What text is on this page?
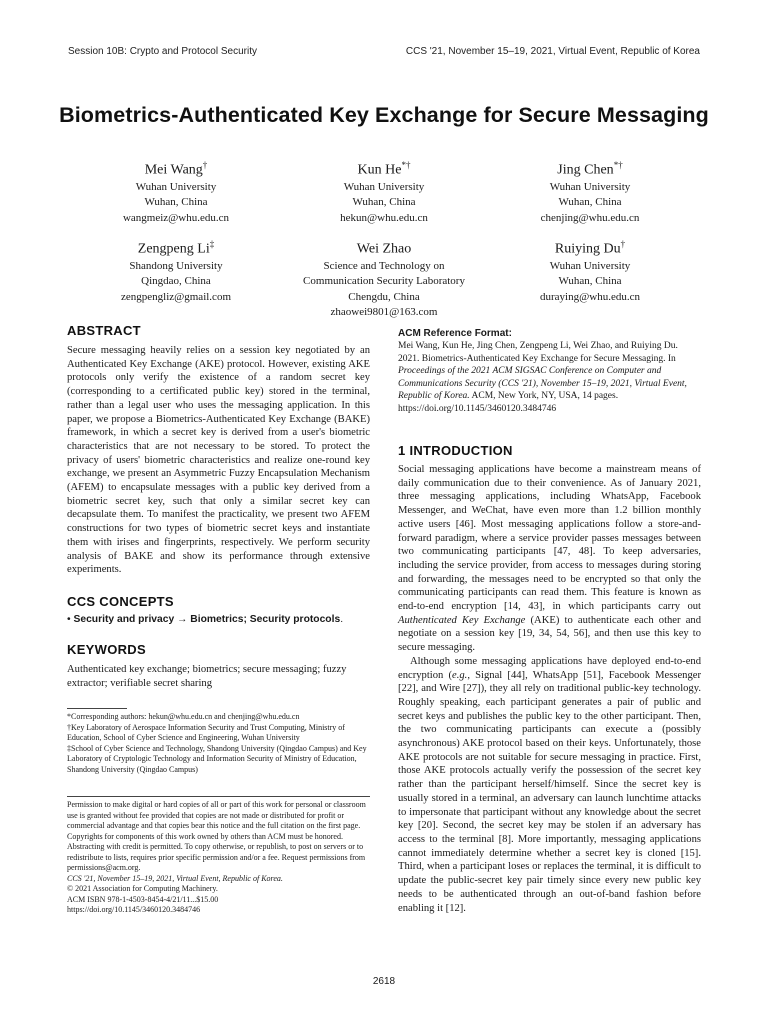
Session 10B: Crypto and Protocol Security	CCS '21, November 15–19, 2021, Virtual Event, Republic of Korea
Biometrics-Authenticated Key Exchange for Secure Messaging
Mei Wang†
Wuhan University
Wuhan, China
wangmeiz@whu.edu.cn
Kun He*†
Wuhan University
Wuhan, China
hekun@whu.edu.cn
Jing Chen*†
Wuhan University
Wuhan, China
chenjing@whu.edu.cn
Zengpeng Li‡
Shandong University
Qingdao, China
zengpengliz@gmail.com
Wei Zhao
Science and Technology on
Communication Security Laboratory
Chengdu, China
zhaowei9801@163.com
Ruiying Du†
Wuhan University
Wuhan, China
duraying@whu.edu.cn
ABSTRACT

Secure messaging heavily relies on a session key negotiated by an Authenticated Key Exchange (AKE) protocol. However, existing AKE protocols only verify the existence of a random secret key (corresponding to a certificated public key) stored in the terminal, rather than a legal user who uses the messaging application. In this paper, we propose a Biometrics-Authenticated Key Exchange (BAKE) framework, in which a secret key is derived from a user's biometric characteristics that are not necessary to be stored. To protect the privacy of users' biometric characteristics and realize one-round key exchange, we present an Asymmetric Fuzzy Encapsulation Mechanism (AFEM) to encapsulate messages with a public key derived from a biometric secret key, such that only a similar secret key can decapsulate them. To manifest the practicality, we present two AFEM constructions for two types of biometric secret keys and instantiate them with irises and fingerprints, respectively. We perform security analysis of BAKE and show its performance through extensive experiments.

CCS CONCEPTS

• Security and privacy → Biometrics; Security protocols.

KEYWORDS

Authenticated key exchange; biometrics; secure messaging; fuzzy extractor; verifiable secret sharing

*Corresponding authors: hekun@whu.edu.cn and chenjing@whu.edu.cn

†Key Laboratory of Aerospace Information Security and Trust Computing, Ministry of Education, School of Cyber Science and Engineering, Wuhan University

‡School of Cyber Science and Technology, Shandong University (Qingdao Campus) and Key Laboratory of Cryptologic Technology and Information Security of Ministry of Education, Shandong University (Qingdao Campus)

Permission to make digital or hard copies of all or part of this work for personal or classroom use is granted without fee provided that copies are not made or distributed for profit or commercial advantage and that copies bear this notice and the full citation on the first page. Copyrights for components of this work owned by others than ACM must be honored. Abstracting with credit is permitted. To copy otherwise, or republish, to post on servers or to redistribute to lists, requires prior specific permission and/or a fee. Request permissions from permissions@acm.org.

CCS '21, November 15–19, 2021, Virtual Event, Republic of Korea.

© 2021 Association for Computing Machinery.

ACM ISBN 978-1-4503-8454-4/21/11...$15.00

https://doi.org/10.1145/3460120.3484746

ACM Reference Format:

Mei Wang, Kun He, Jing Chen, Zengpeng Li, Wei Zhao, and Ruiying Du. 2021. Biometrics-Authenticated Key Exchange for Secure Messaging. In Proceedings of the 2021 ACM SIGSAC Conference on Computer and Communications Security (CCS '21), November 15–19, 2021, Virtual Event, Republic of Korea. ACM, New York, NY, USA, 14 pages. https://doi.org/10.1145/3460120.3484746

1 INTRODUCTION

Social messaging applications have become a mainstream means of daily communication due to their convenience. As of January 2021, three messaging applications, including WhatsApp, Facebook Messenger, and WeChat, have even more than 1.2 billion monthly active users [46]. Most messaging applications follow a store-and-forward paradigm, where a service provider passes messages between two communicating participants [47, 48]. To keep adversaries, including the service provider, from access to messages during storing and forwarding, the messages need to be encrypted so that only the communicating participants can read them. This feature is known as end-to-end encryption [14, 43], in which participants carry out Authenticated Key Exchange (AKE) to authenticate each other and negotiate on a session key [19, 34, 54, 56], and then use this key to secure messaging.

Although some messaging applications have deployed end-to-end encryption (e.g., Signal [44], WhatsApp [51], Facebook Messenger [22], and Wire [27]), they all rely on traditional public-key technology. Roughly speaking, each participant generates a pair of public and secret keys and publishes the public key to the other participant. Then, the two communicating participants can execute a (possibly asynchronous) AKE protocol based on their keys. Unfortunately, those AKE protocols are not suitable for secure messaging in practice. First, those AKE protocols actually verify the possession of the secret key rather than the participant herself/himself. Since the secret key is usually stored in a terminal, an adversary can launch lunchtime attacks to impersonate that participant without any knowledge about the secret key [20]. Second, the secret key may be stolen if an adversary has access to the terminal [8]. More importantly, messaging applications cannot immediately determine whether a secret key is cloned [15]. Third, when a participant loses or replaces the terminal, it is difficult to update the public-secret key pair timely since every new public key needs to be authenticated through an out-of-band fashion before enabling it [12].

2618
